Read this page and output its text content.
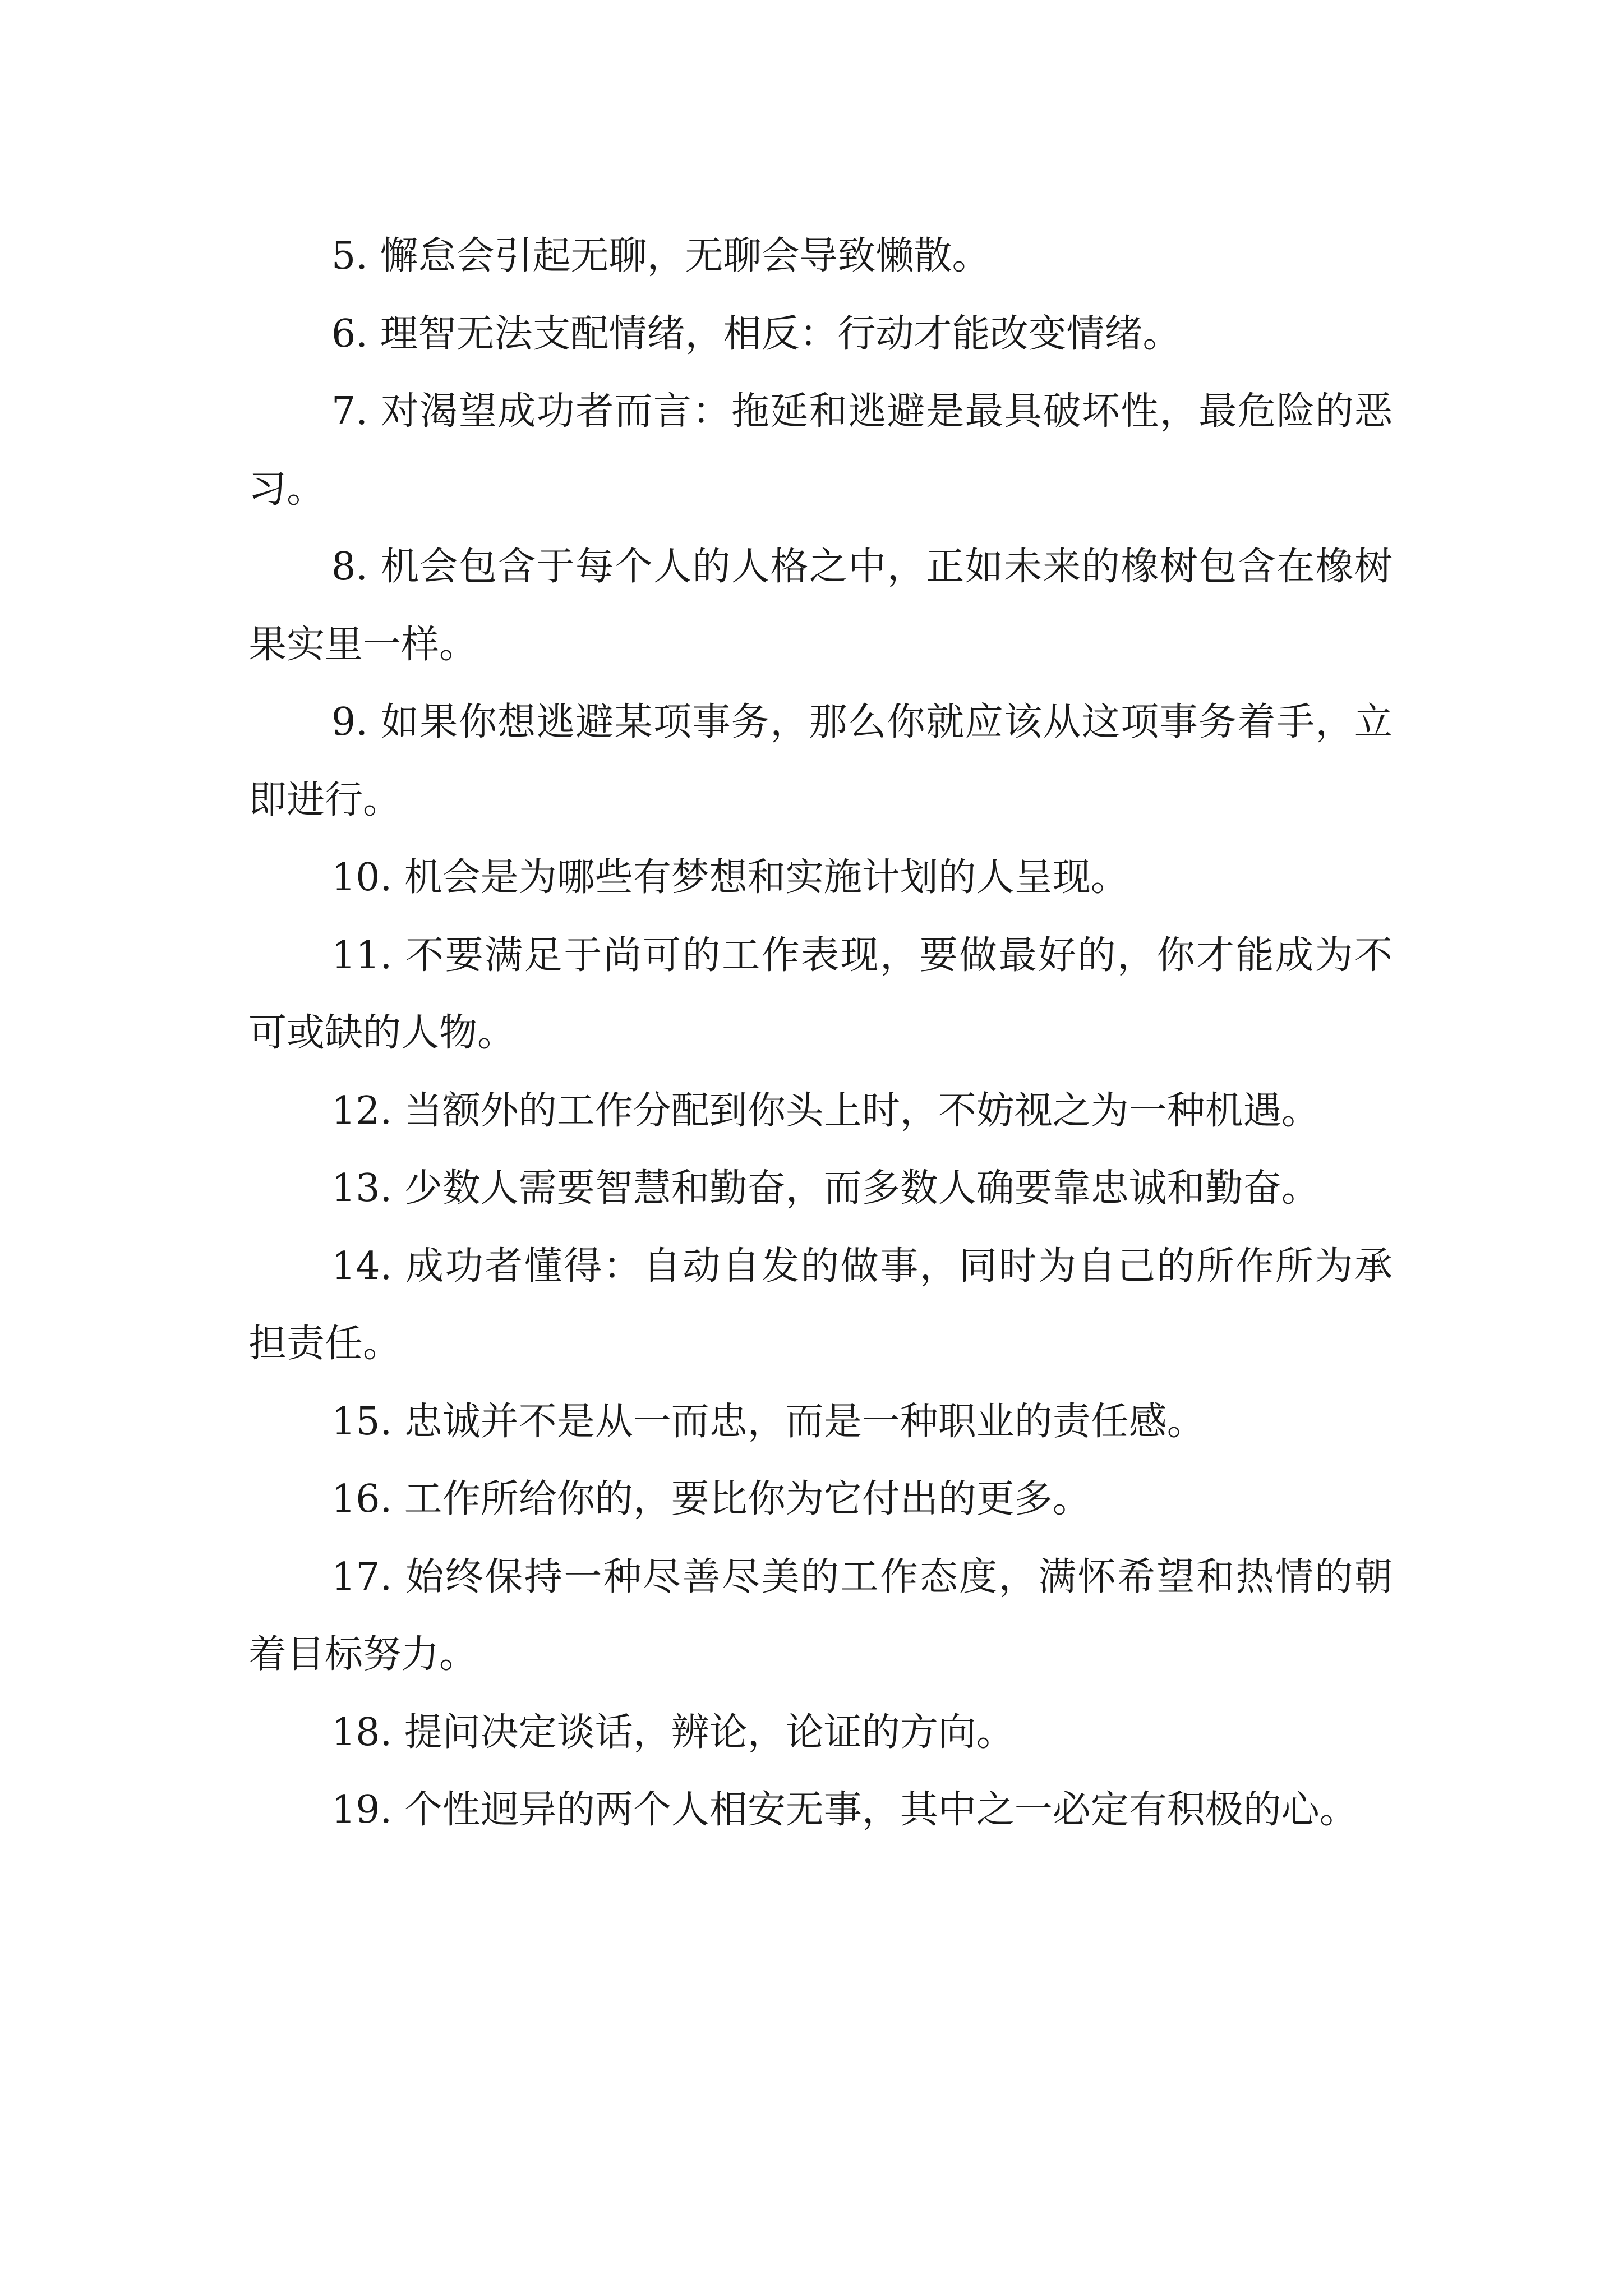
5. 懈怠会引起无聊，无聊会导致懒散。

6. 理智无法支配情绪，相反：行动才能改变情绪。

7. 对渴望成功者而言：拖延和逃避是最具破坏性，最危险的恶习。

8. 机会包含于每个人的人格之中，正如未来的橡树包含在橡树果实里一样。

9. 如果你想逃避某项事务，那么你就应该从这项事务着手，立即进行。

10. 机会是为哪些有梦想和实施计划的人呈现。

11. 不要满足于尚可的工作表现，要做最好的，你才能成为不可或缺的人物。

12. 当额外的工作分配到你头上时，不妨视之为一种机遇。

13. 少数人需要智慧和勤奋，而多数人确要靠忠诚和勤奋。

14. 成功者懂得：自动自发的做事，同时为自己的所作所为承担责任。

15. 忠诚并不是从一而忠，而是一种职业的责任感。

16. 工作所给你的，要比你为它付出的更多。

17. 始终保持一种尽善尽美的工作态度，满怀希望和热情的朝着目标努力。

18. 提问决定谈话，辨论，论证的方向。

19. 个性迥异的两个人相安无事，其中之一必定有积极的心。
